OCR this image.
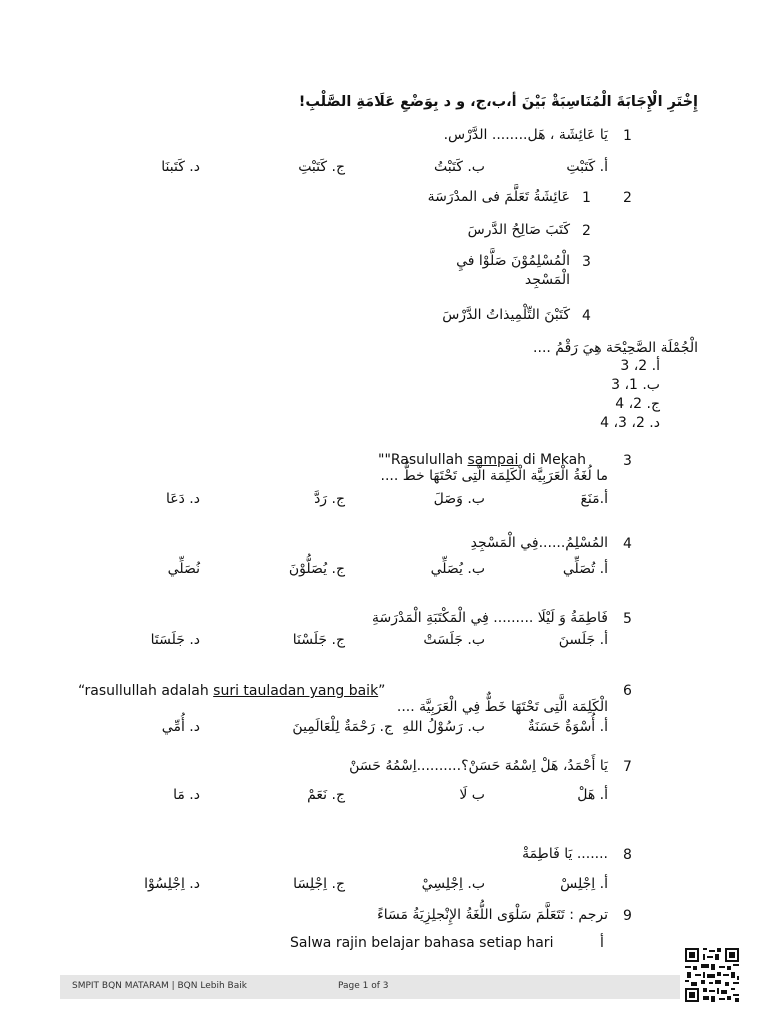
إِخْتَرِ الْإِجَابَةَ الْمُنَاسِبَةْ بَيْنَ أ،ب،ج، و د بِوَضْعِ عَلَامَةِ الصَّلْبِ!
1
يَا عَائِشَة ، هَل........ الدَّرْس.
أ. كَتَبْتِ
ب. كَتَبْتُ
ج. كَتَبْتِ
د. كَتَبنَا
2
1
عَائِشَةُ تَعَلَّمَ فى المدْرَسَة
2
كَتَبَ صَالِحُ الدَّرسَ
3
الْمُسْلِمُوْنَ صَلَّوْا فيِ
الْمَسْجِد
4
كَتَبْنَ التِّلْمِيذاتُ الدَّرْسَ
الْجُمْلَة الصَّحِيْحَة هِيَ رَقْمُ ....
أ. 2، 3
ب. 1، 3
ج. 2، 4
د. 2، 3، 4
3
""Rasulullah sampai di Mekah
ما لُغَةُ الْعَرَبِيَّة الْكَلِمَة الَّتِى تَحْتَهَا خطٌّ ....
أ.مَنَعَ
ب. وَصَلَ
ج. رَدَّ
د. دَعَا
4
المُسْلِمُ......فِي الْمَسْجِدِ
أ. تُصَلِّي
ب. يُصَلِّي
ج. يُصَلُّوْنَ
نُصَلِّي
5
فَاطِمَةُ وَ لَيْلَا ......... فِي الْمَكْتَبَةِ الْمَدْرَسَةِ
أ. جَلَسنَ
ب. جَلَسَتْ
ج. جَلَسْنَا
د. جَلَسَتَا
6
“rasullullah adalah suri tauladan yang baik”
الْكَلِمَة الَّتِى تَحْتَهَا خَطٌّ فِي الْعَرَبِيَّة ....
أ. أُسْوَةٌ حَسَنَةٌ
ب. رَسُوْلُ اللهِ
ج. رَحْمَةٌ لِلْعَالَمِينَ
د. أُمِّي
7
يَا أَحْمَدُ، هَلْ اِسْمُهَ حَسَنْ؟..........اِسْمُهُ حَسَنْ
أ. هَلْ
ب لَا
ج. نَعَمْ
د. مَا
8
....... يَا فَاطِمَةْ
أ. اِجْلِسْ
ب. اِجْلِسِيْ
ج. اِجْلِسَا
د. اِجْلِسُوْا
9
ترجم : تَتَعَلَّمَ سَلْوَى اللُّغَةُ الإِنْجلِزِيَةُ مَسَاءً
Salwa rajin belajar bahasa setiap hari	أ
SMPIT BQN MATARAM | BQN Lebih Baik	Page 1 of 3
